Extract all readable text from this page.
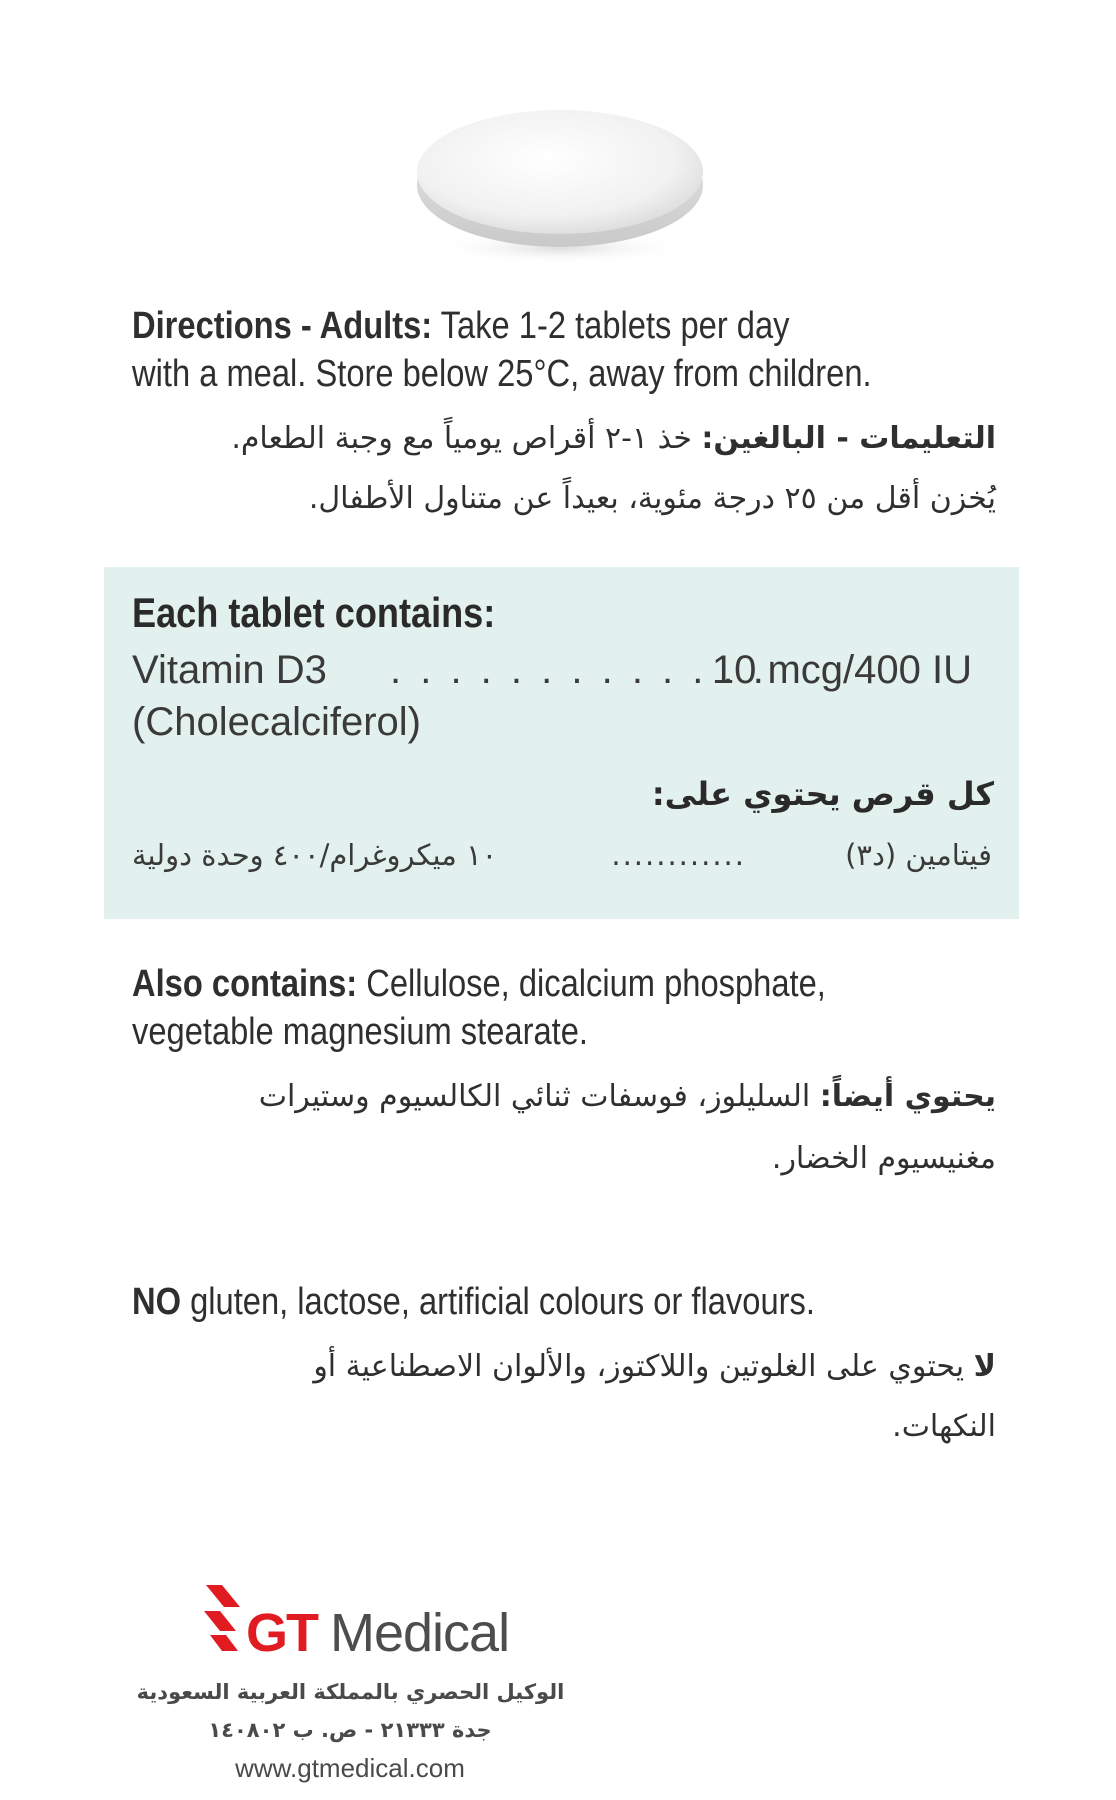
Directions - Adults: Take 1-2 tablets per day
with a meal. Store below 25°C, away from children.
التعليمات - البالغين: خذ ١-٢ أقراص يومياً مع وجبة الطعام.
يُخزن أقل من ٢٥ درجة مئوية، بعيداً عن متناول الأطفال.
Each tablet contains:
Vitamin D3 . . . . . . . . . . . . .
10 mcg/400 IU
(Cholecalciferol)
كل قرص يحتوي على:
فيتامين (د٣)
............
١٠ ميكروغرام/٤٠٠ وحدة دولية
Also contains: Cellulose, dicalcium phosphate,
vegetable magnesium stearate.
يحتوي أيضاً: السليلوز، فوسفات ثنائي الكالسيوم وستيرات
مغنيسيوم الخضار.
NO gluten, lactose, artificial colours or flavours.
لا يحتوي على الغلوتين واللاكتوز، والألوان الاصطناعية أو
النكهات.
GT Medical
الوكيل الحصري بالمملكة العربية السعودية
جدة ٢١٣٣٣ - ص. ب ١٤٠٨٠٢
www.gtmedical.com
